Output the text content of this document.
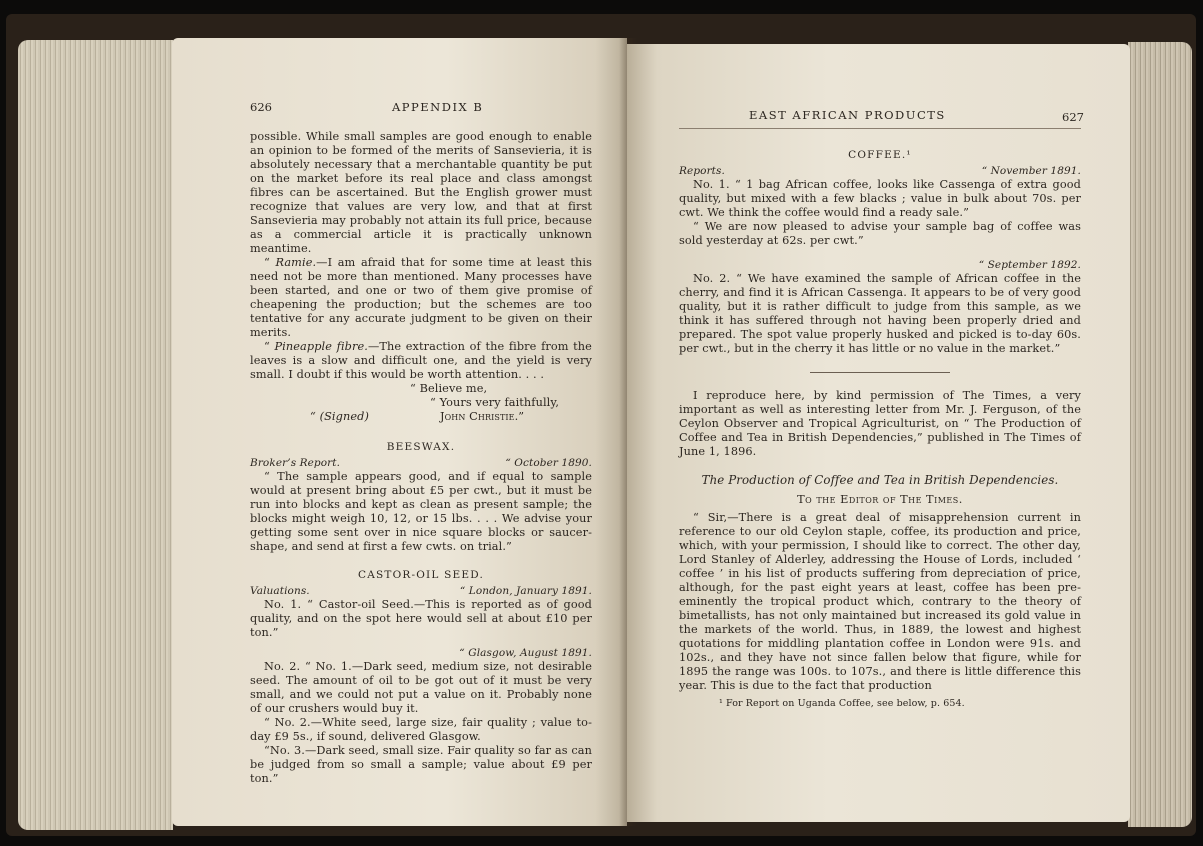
626	APPENDIX B

possible. While small samples are good enough to enable an opinion to be formed of the merits of Sansevieria, it is absolutely necessary that a merchantable quantity be put on the market before its real place and class amongst fibres can be ascertained. But the English grower must recognize that values are very low, and that at first Sansevieria may probably not attain its full price, because as a commercial article it is practically unknown meantime.

“ Ramie.—I am afraid that for some time at least this need not be more than mentioned. Many processes have been started, and one or two of them give promise of cheapening the production; but the schemes are too tentative for any accurate judgment to be given on their merits.

“ Pineapple fibre.—The extraction of the fibre from the leaves is a slow and difficult one, and the yield is very small. I doubt if this would be worth attention. . . .

“ Believe me,
“ Yours very faithfully,
“ (Signed)	John Christie.”
BEESWAX.
Broker’s Report.	“ October 1890.

“ The sample appears good, and if equal to sample would at present bring about £5 per cwt., but it must be run into blocks and kept as clean as present sample; the blocks might weigh 10, 12, or 15 lbs. . . . We advise your getting some sent over in nice square blocks or saucer-shape, and send at first a few cwts. on trial.”

CASTOR-OIL SEED.
Valuations.	“ London, January 1891.

No. 1. “ Castor-oil Seed.—This is reported as of good quality, and on the spot here would sell at about £10 per ton.”

“ Glasgow, August 1891.

No. 2. “ No. 1.—Dark seed, medium size, not desirable seed. The amount of oil to be got out of it must be very small, and we could not put a value on it. Probably none of our crushers would buy it.

“ No. 2.—White seed, large size, fair quality ; value to-day £9 5s., if sound, delivered Glasgow.

“No. 3.—Dark seed, small size. Fair quality so far as can be judged from so small a sample; value about £9 per ton.”

EAST AFRICAN PRODUCTS	627
COFFEE.¹
Reports.	“ November 1891.

No. 1. “ 1 bag African coffee, looks like Cassenga of extra good quality, but mixed with a few blacks ; value in bulk about 70s. per cwt. We think the coffee would find a ready sale.”

“ We are now pleased to advise your sample bag of coffee was sold yesterday at 62s. per cwt.”

“ September 1892.

No. 2. “ We have examined the sample of African coffee in the cherry, and find it is African Cassenga. It appears to be of very good quality, but it is rather difficult to judge from this sample, as we think it has suffered through not having been properly dried and prepared. The spot value properly husked and picked is to-day 60s. per cwt., but in the cherry it has little or no value in the market.”

I reproduce here, by kind permission of The Times, a very important as well as interesting letter from Mr. J. Ferguson, of the Ceylon Observer and Tropical Agriculturist, on “ The Production of Coffee and Tea in British Dependencies,” published in The Times of June 1, 1896.

The Production of Coffee and Tea in British Dependencies.
To the Editor of The Times.

“ Sir,—There is a great deal of misapprehension current in reference to our old Ceylon staple, coffee, its production and price, which, with your permission, I should like to correct. The other day, Lord Stanley of Alderley, addressing the House of Lords, included ‘ coffee ’ in his list of products suffering from depreciation of price, although, for the past eight years at least, coffee has been pre-eminently the tropical product which, contrary to the theory of bimetallists, has not only maintained but increased its gold value in the markets of the world. Thus, in 1889, the lowest and highest quotations for middling plantation coffee in London were 91s. and 102s., and they have not since fallen below that figure, while for 1895 the range was 100s. to 107s., and there is little difference this year. This is due to the fact that production

¹ For Report on Uganda Coffee, see below, p. 654.
